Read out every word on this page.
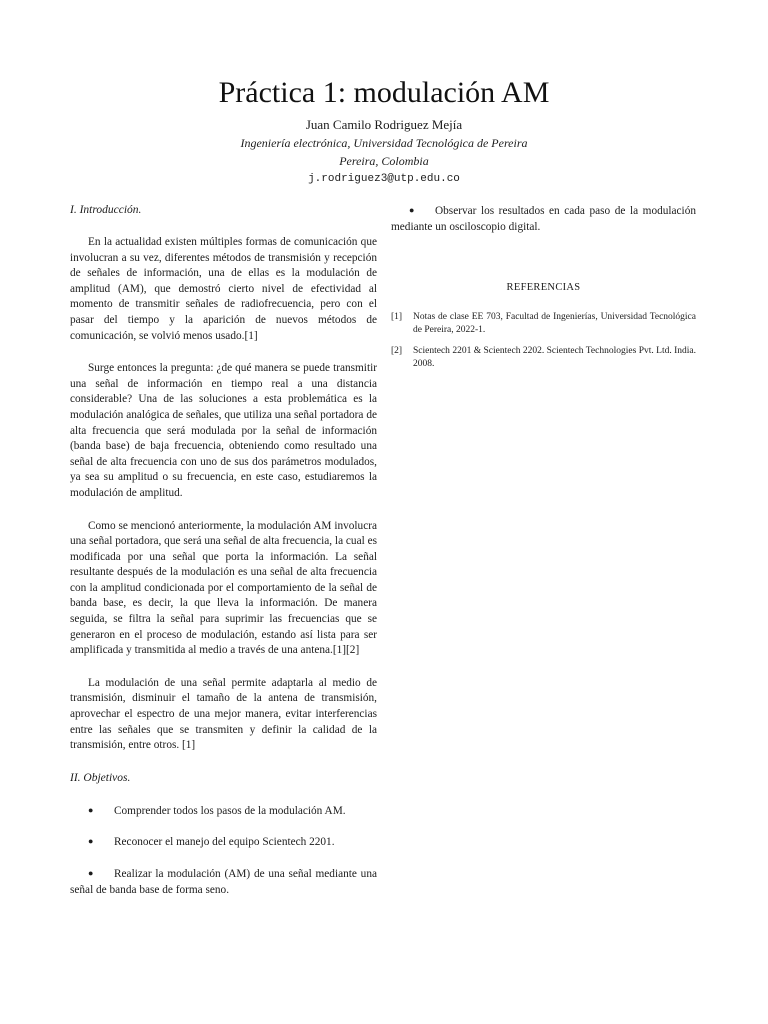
Práctica 1: modulación AM
Juan Camilo Rodriguez Mejía
Ingeniería electrónica, Universidad Tecnológica de Pereira
Pereira, Colombia
j.rodriguez3@utp.edu.co
I. Introducción.

En la actualidad existen múltiples formas de comunicación que involucran a su vez, diferentes métodos de transmisión y recepción de señales de información, una de ellas es la modulación de amplitud (AM), que demostró cierto nivel de efectividad al momento de transmitir señales de radiofrecuencia, pero con el pasar del tiempo y la aparición de nuevos métodos de comunicación, se volvió menos usado.[1]

Surge entonces la pregunta: ¿de qué manera se puede transmitir una señal de información en tiempo real a una distancia considerable? Una de las soluciones a esta problemática es la modulación analógica de señales, que utiliza una señal portadora de alta frecuencia que será modulada por la señal de información (banda base) de baja frecuencia, obteniendo como resultado una señal de alta frecuencia con uno de sus dos parámetros modulados, ya sea su amplitud o su frecuencia, en este caso, estudiaremos la modulación de amplitud.

Como se mencionó anteriormente, la modulación AM involucra una señal portadora, que será una señal de alta frecuencia, la cual es modificada por una señal que porta la información. La señal resultante después de la modulación es una señal de alta frecuencia con la amplitud condicionada por el comportamiento de la señal de banda base, es decir, la que lleva la información. De manera seguida, se filtra la señal para suprimir las frecuencias que se generaron en el proceso de modulación, estando así lista para ser amplificada y transmitida al medio a través de una antena.[1][2]

La modulación de una señal permite adaptarla al medio de transmisión, disminuir el tamaño de la antena de transmisión, aprovechar el espectro de una mejor manera, evitar interferencias entre las señales que se transmiten y definir la calidad de la transmisión, entre otros. [1]

II. Objetivos.
● Comprender todos los pasos de la modulación AM.
● Reconocer el manejo del equipo Scientech 2201.
● Realizar la modulación (AM) de una señal mediante una señal de banda base de forma seno.
● Observar los resultados en cada paso de la modulación mediante un osciloscopio digital.
REFERENCIAS
[1]	Notas de clase EE 703, Facultad de Ingenierías, Universidad Tecnológica de Pereira, 2022-1.
[2]	Scientech 2201 & Scientech 2202. Scientech Technologies Pvt. Ltd. India. 2008.
